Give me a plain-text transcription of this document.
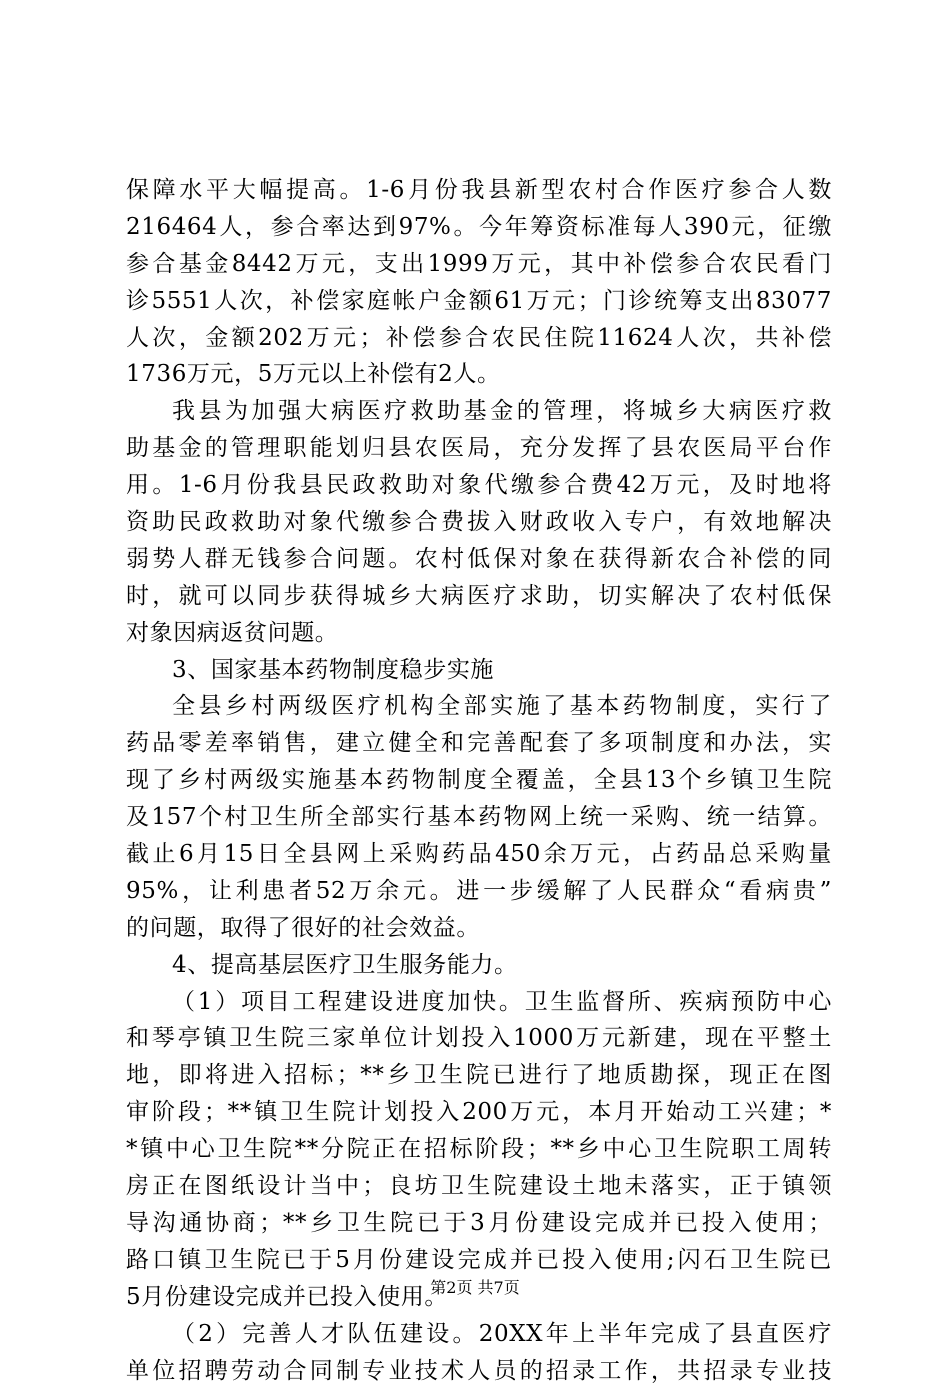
保障水平大幅提高。1-6月份我县新型农村合作医疗参合人数
216464人，参合率达到97%。今年筹资标准每人390元，征缴
参合基金8442万元，支出1999万元，其中补偿参合农民看门
诊5551人次，补偿家庭帐户金额61万元；门诊统筹支出83077
人次，金额202万元；补偿参合农民住院11624人次，共补偿
1736万元，5万元以上补偿有2人。
我县为加强大病医疗救助基金的管理，将城乡大病医疗救
助基金的管理职能划归县农医局，充分发挥了县农医局平台作
用。1-6月份我县民政救助对象代缴参合费42万元，及时地将
资助民政救助对象代缴参合费拔入财政收入专户，有效地解决
弱势人群无钱参合问题。农村低保对象在获得新农合补偿的同
时，就可以同步获得城乡大病医疗求助，切实解决了农村低保
对象因病返贫问题。
3、国家基本药物制度稳步实施
全县乡村两级医疗机构全部实施了基本药物制度，实行了
药品零差率销售，建立健全和完善配套了多项制度和办法，实
现了乡村两级实施基本药物制度全覆盖，全县13个乡镇卫生院
及157个村卫生所全部实行基本药物网上统一采购、统一结算。
截止6月15日全县网上采购药品450余万元，占药品总采购量
95%，让利患者52万余元。进一步缓解了人民群众“看病贵”
的问题，取得了很好的社会效益。
4、提高基层医疗卫生服务能力。
（1）项目工程建设进度加快。卫生监督所、疾病预防中心
和琴亭镇卫生院三家单位计划投入1000万元新建，现在平整土
地，即将进入招标；**乡卫生院已进行了地质勘探，现正在图
审阶段；**镇卫生院计划投入200万元，本月开始动工兴建；*
*镇中心卫生院**分院正在招标阶段；**乡中心卫生院职工周转
房正在图纸设计当中；良坊卫生院建设土地未落实，正于镇领
导沟通协商；**乡卫生院已于3月份建设完成并已投入使用；
路口镇卫生院已于5月份建设完成并已投入使用;闪石卫生院已
5月份建设完成并已投入使用。
（2）完善人才队伍建设。20XX年上半年完成了县直医疗
单位招聘劳动合同制专业技术人员的招录工作，共招录专业技
第2页 共7页
